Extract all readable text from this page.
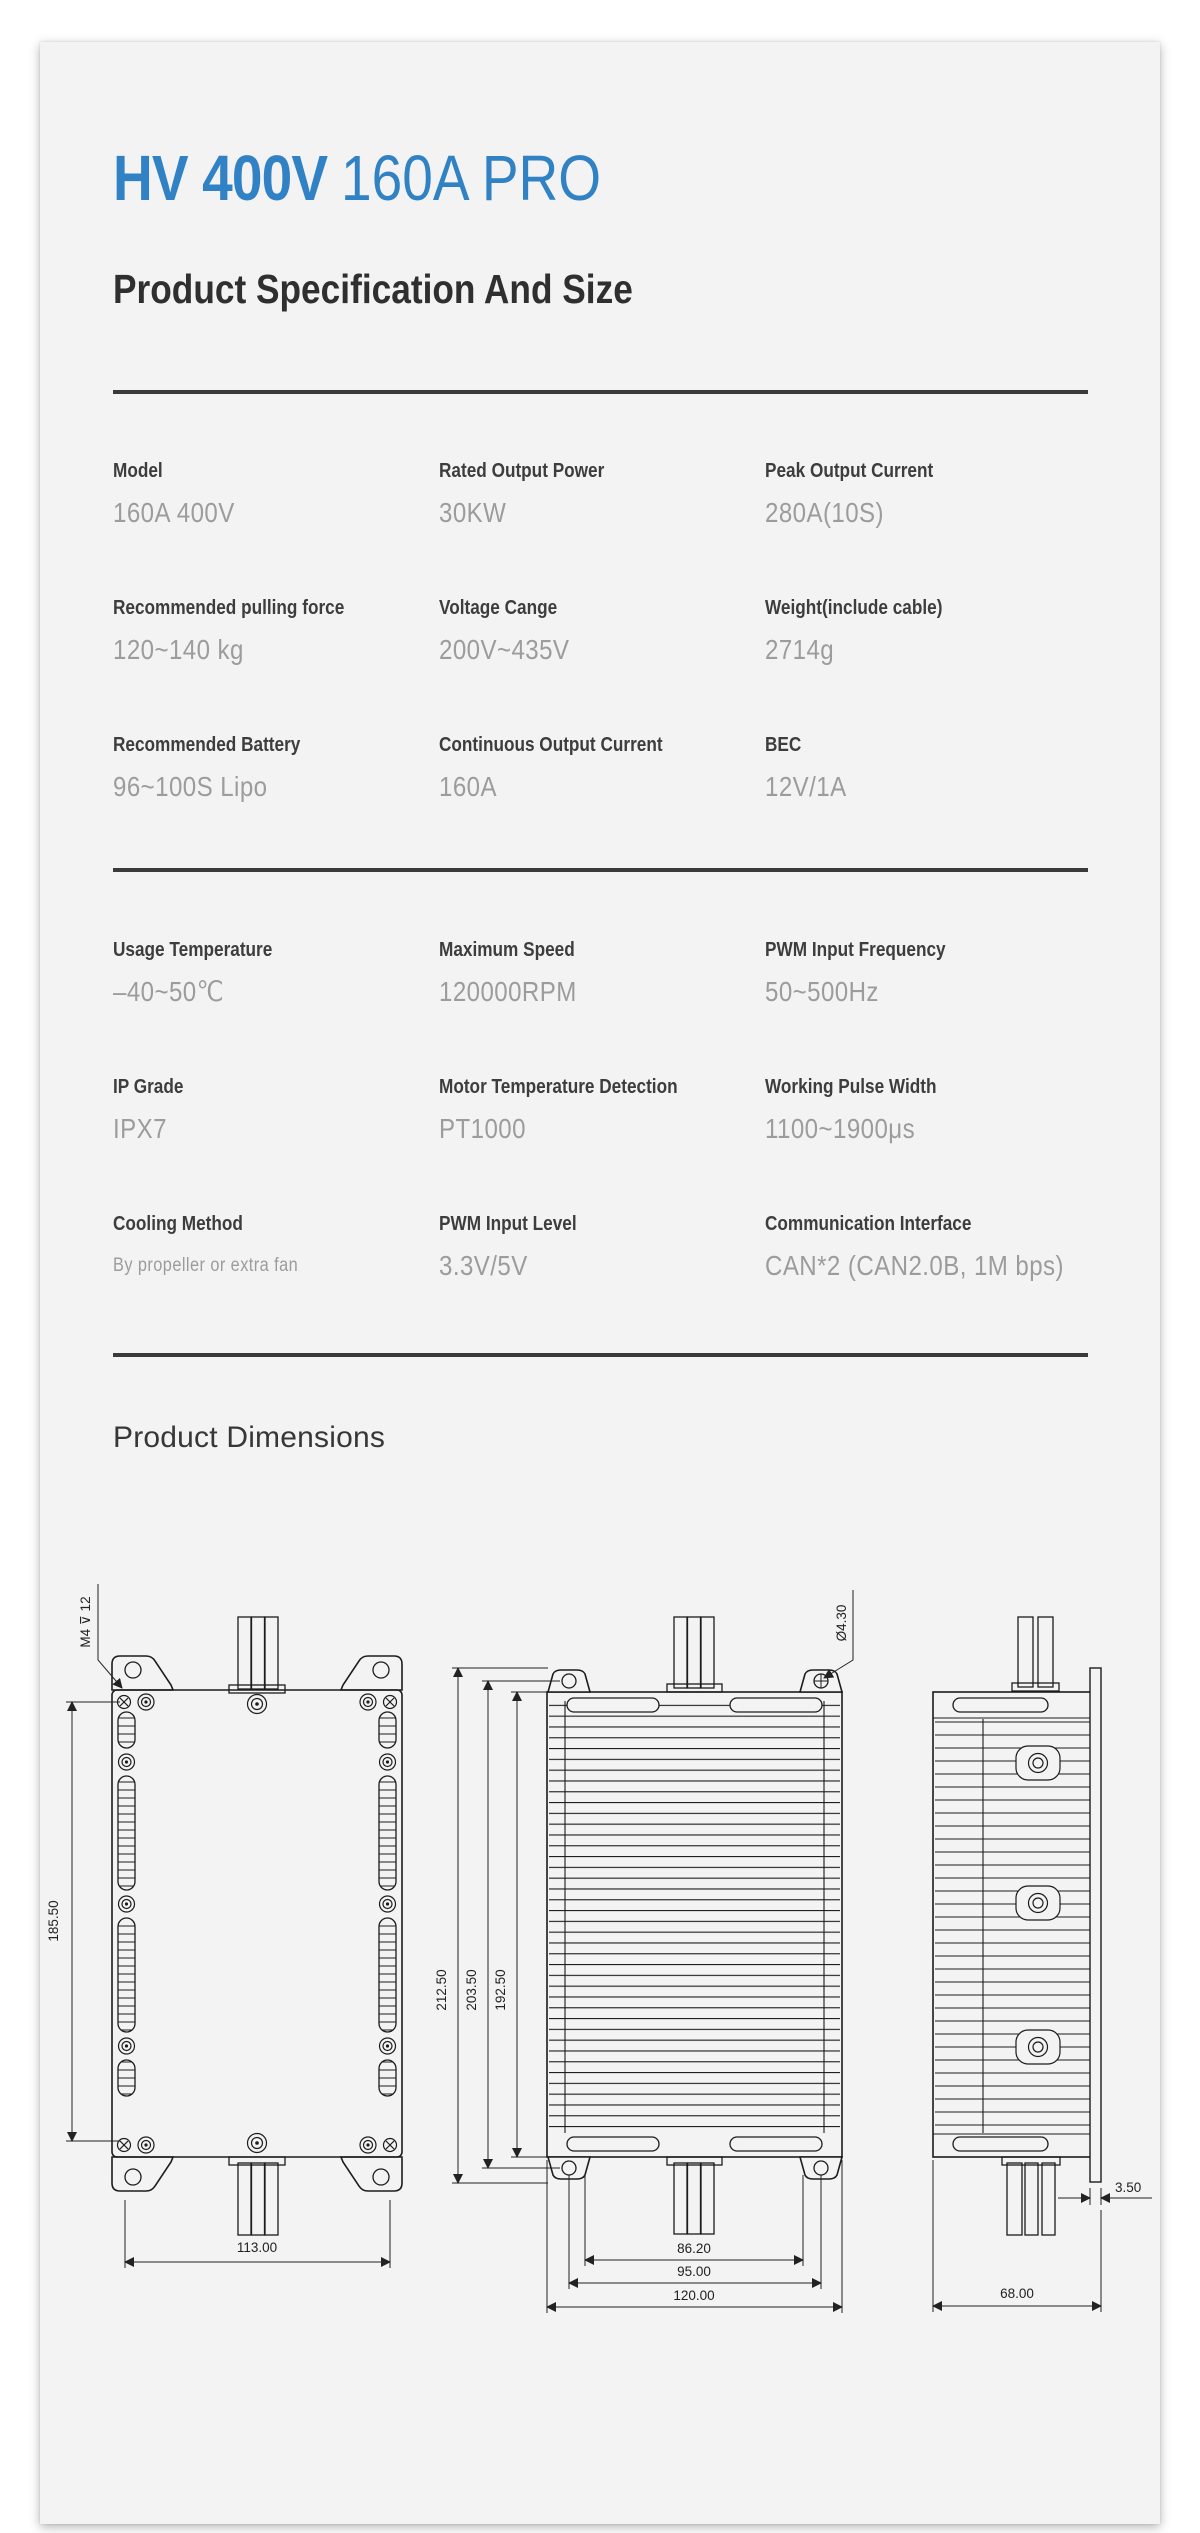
HV 400V 160A PRO
Product Specification And Size
Model
160A 400V
Rated Output Power
30KW
Peak Output Current
280A(10S)
Recommended pulling force
120~140 kg
Voltage Cange
200V~435V
Weight(include cable)
2714g
Recommended Battery
96~100S Lipo
Continuous Output Current
160A
BEC
12V/1A
Usage Temperature
–40~50℃
Maximum Speed
120000RPM
PWM Input Frequency
50~500Hz
IP Grade
IPX7
Motor Temperature Detection
PT1000
Working Pulse Width
1100~1900μs
Cooling Method
By propeller or extra fan
PWM Input Level
3.3V/5V
Communication Interface
CAN*2 (CAN2.0B, 1M bps)
Product Dimensions
185.50
M4 ⊽ 12
113.00
212.50 203.50 192.50
86.20
95.00
120.00
Ø4.30
3.50
68.00
